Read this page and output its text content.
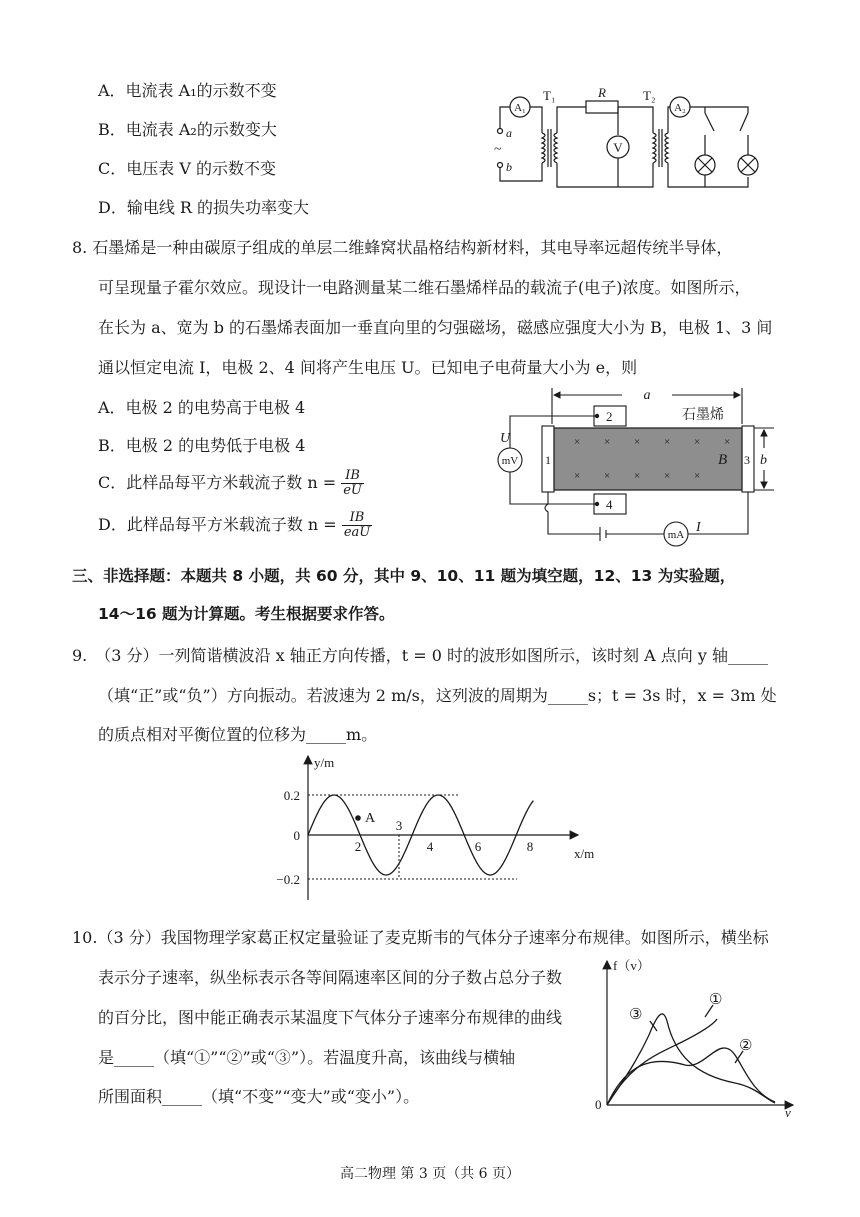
A．电流表 A₁的示数不变
B．电流表 A₂的示数变大
C．电压表 V 的示数不变
D．输电线 R 的损失功率变大
A₁	A₂
V
T₁	T₂
R
a
b
~
8. 石墨烯是一种由碳原子组成的单层二维蜂窝状晶格结构新材料，其电导率远超传统半导体，
可呈现量子霍尔效应。现设计一电路测量某二维石墨烯样品的载流子(电子)浓度。如图所示，
在长为 a、宽为 b 的石墨烯表面加一垂直向里的匀强磁场，磁感应强度大小为 B，电极 1、3 间
通以恒定电流 I，电极 2、4 间将产生电压 U。已知电子电荷量大小为 e，则
A．电极 2 的电势高于电极 4
B．电极 2 的电势低于电极 4
C．此样品每平方米载流子数 $n = \frac{IB}{eU}$
D．此样品每平方米载流子数 $n = \frac{IB}{\text{eaU}}$
× × × × × ×
× × × × ×
a
b
石墨烯
B
U
mV
mA I
1
2
3
4
三、非选择题：本题共 8 小题，共 60 分，其中 9、10、11 题为填空题，12、13 为实验题，
14～16 题为计算题。考生根据要求作答。
9.　（3 分）一列简谐横波沿 x 轴正方向传播，t = 0 时的波形如图所示，该时刻 A 点向 y 轴_____
（填“正”或“负”）方向振动。若波速为 2 m/s，这列波的周期为_____s；t = 3s 时，x = 3m 处
的质点相对平衡位置的位移为_____m。
A
y/m
x/m
0.2
0
−0.2
2
3
4	6	8
10.（3 分）我国物理学家葛正权定量验证了麦克斯韦的气体分子速率分布规律。如图所示，横坐标
表示分子速率，纵坐标表示各等间隔速率区间的分子数占总分子数
的百分比，图中能正确表示某温度下气体分子速率分布规律的曲线
是_____（填“①”“②”或“③”）。若温度升高，该曲线与横轴
所围面积_____（填“不变”“变大”或“变小”）。
f（v）
v
0
①
②
③
高二物理 第 3 页（共 6 页）
